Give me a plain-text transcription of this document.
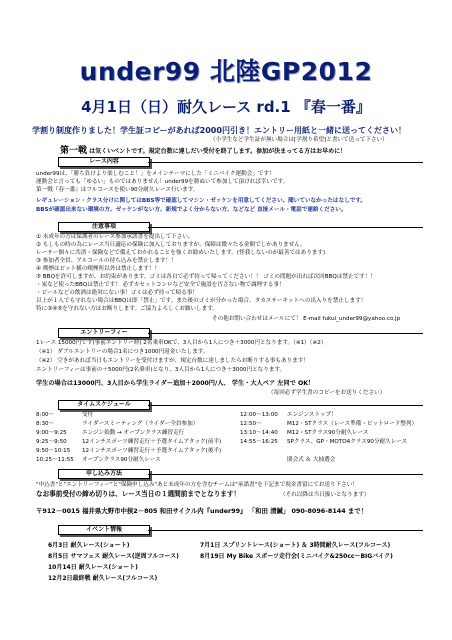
under99 北陸GP2012
4月1日（日）耐久レース rd.1 『春一番』
学割り制度作りました！学生証コピーがあれば2000円引き！エントリー用紙と一緒に送ってください！
（小学生など学生証が無い場合は[学割り希望]と書いて送って下さい）
第一戦 は気くいベントです。規定台数に達しだい受付を終了します。参加が決まってる方はお早めに！
レース内容
under99は、「勝ち負けより楽しむこと！」をメインテーマにした「ミニバイク運動会」です！
運動会と言っても「ゆるい」ものではありません！under99を勝ぬいて参加して頂ければ幸いです。
第一戦『春一番』はフルコースを使い90分耐久レース行います。
レギュレーション・クラス分けに関してはBBS等で確認してマシン・ゼッケンを用意してください。聞いていなかったはなしです。
BBSが確認出来ない環境の方、ゼッケンがない方、新規でよく分からない方、などなど 直接メール・電話で連絡ください。
注意事項
① 未成年の方は保護者のレース参加承諾書を提出して下さい。
② もしもの時の為にレース当日適応の保険に加入しておりますが、保障は微々たる金額でしかありません。
レーサー個々に共済・保険などで備えておかれることを強くお勧めいたします。(怪我しないのが最善ではあります)
③ 参加者全員、アルコールの持ち込みを禁止します！！
④ 喫煙はピット横の喫煙所以外は禁止します！！
⑤ BBQを許可しますが、お約束があります。ゴミは各自で必ず持って帰ってください！！ ゴミの問題が出れば次回BBQは禁止です！！
・炭など使ったBBQは禁止です！ 必ずカセットコンロなど安全で施設を汚さない物で調理する事！
・ビールなどの飲酒は絶対にない事！ゴミは必ず持って帰る事！
以上が１人でも守れない場合はBBQは即「禁止」です。また後のゴミが分かった場合、タカスサーキットへの出入りを禁止します！
特に③④⑤を守れない方はお断りします。ご協力よろしくお願いします。
その他お問い合わせはメールにて！ E-mail fukui_under99@yahoo.co.jp
エントリーフィー
1レース 15000円です(事前エントリー時) 2名乗車OKで、3人目から1人につき＋3000円となります。（※1）（※2）
（※1） ダブルエントリーの場合1名につき1000円返金いたします。
（※2） 空きがあれば当日もエントリーを受付けますが、規定台数に達しましたらお断りする事もあります！
エントリーフィーは事前の＋5000円(2名乗車)となり、3人目から1人につき＋3000円となります。
学生の場合は13000円、3人目から学生ライダー追加＋2000円/人、 学生・大人ペア 左同で OK！
（毎回必ず学生書のコピーをお送りください）
タイムスケジュール
8:00～	受付
8:30～	ライダースミーティング（ライダー全員参加）
9:00～9:25	エンジン始動 → オープンクラス練習走行
9:25～9:50	12インチスポーツ練習走行＋予選タイムアタック(前半)
9:50～10:15 12インチスポーツ練習走行＋予選タイムアタック(後半)
10:25～11:55 オープンクラス90分耐久レース
12:00～13:00 エンジンストップ！
12:50～	M12・STクラス（レース準備・ピットロード整列）
13:10～14:40 M12・STクラス90分耐久レース
14:55～16:25 SPクラス、GP・MOTO4クラス90分耐久レース
閉会式 ＆ 大抽選会
申し込み方法
"申込書"と"エントリーフィー"と"保険申し込み"あと未成年の方を含むチームは"承諾書"を下記まで現金書留にてお送り下さい！
なお事前受付の締め切りは、レース当日の１週間前までとなります！	（それ以降は当日扱いとなります）
〒912－0015 福井県大野市中挟2－805 和田サイクル内『under99』 「和田 清鍼」 090-8096-8144 まで！
イベント情報
6月3日 耐久レース(ショート)
8月5日 サマフェス 耐久レース(逆周フルコース)
10月14日 耐久レース(ショート)
12月2日最終戦 耐久レース(フルコース)
7月1日 スプリントレース(ショート) ＆ 3時間耐久レース(フルコース)
8月19日 My Bike スポーツ走行会(ミニバイク&250cc～BIGバイク)
